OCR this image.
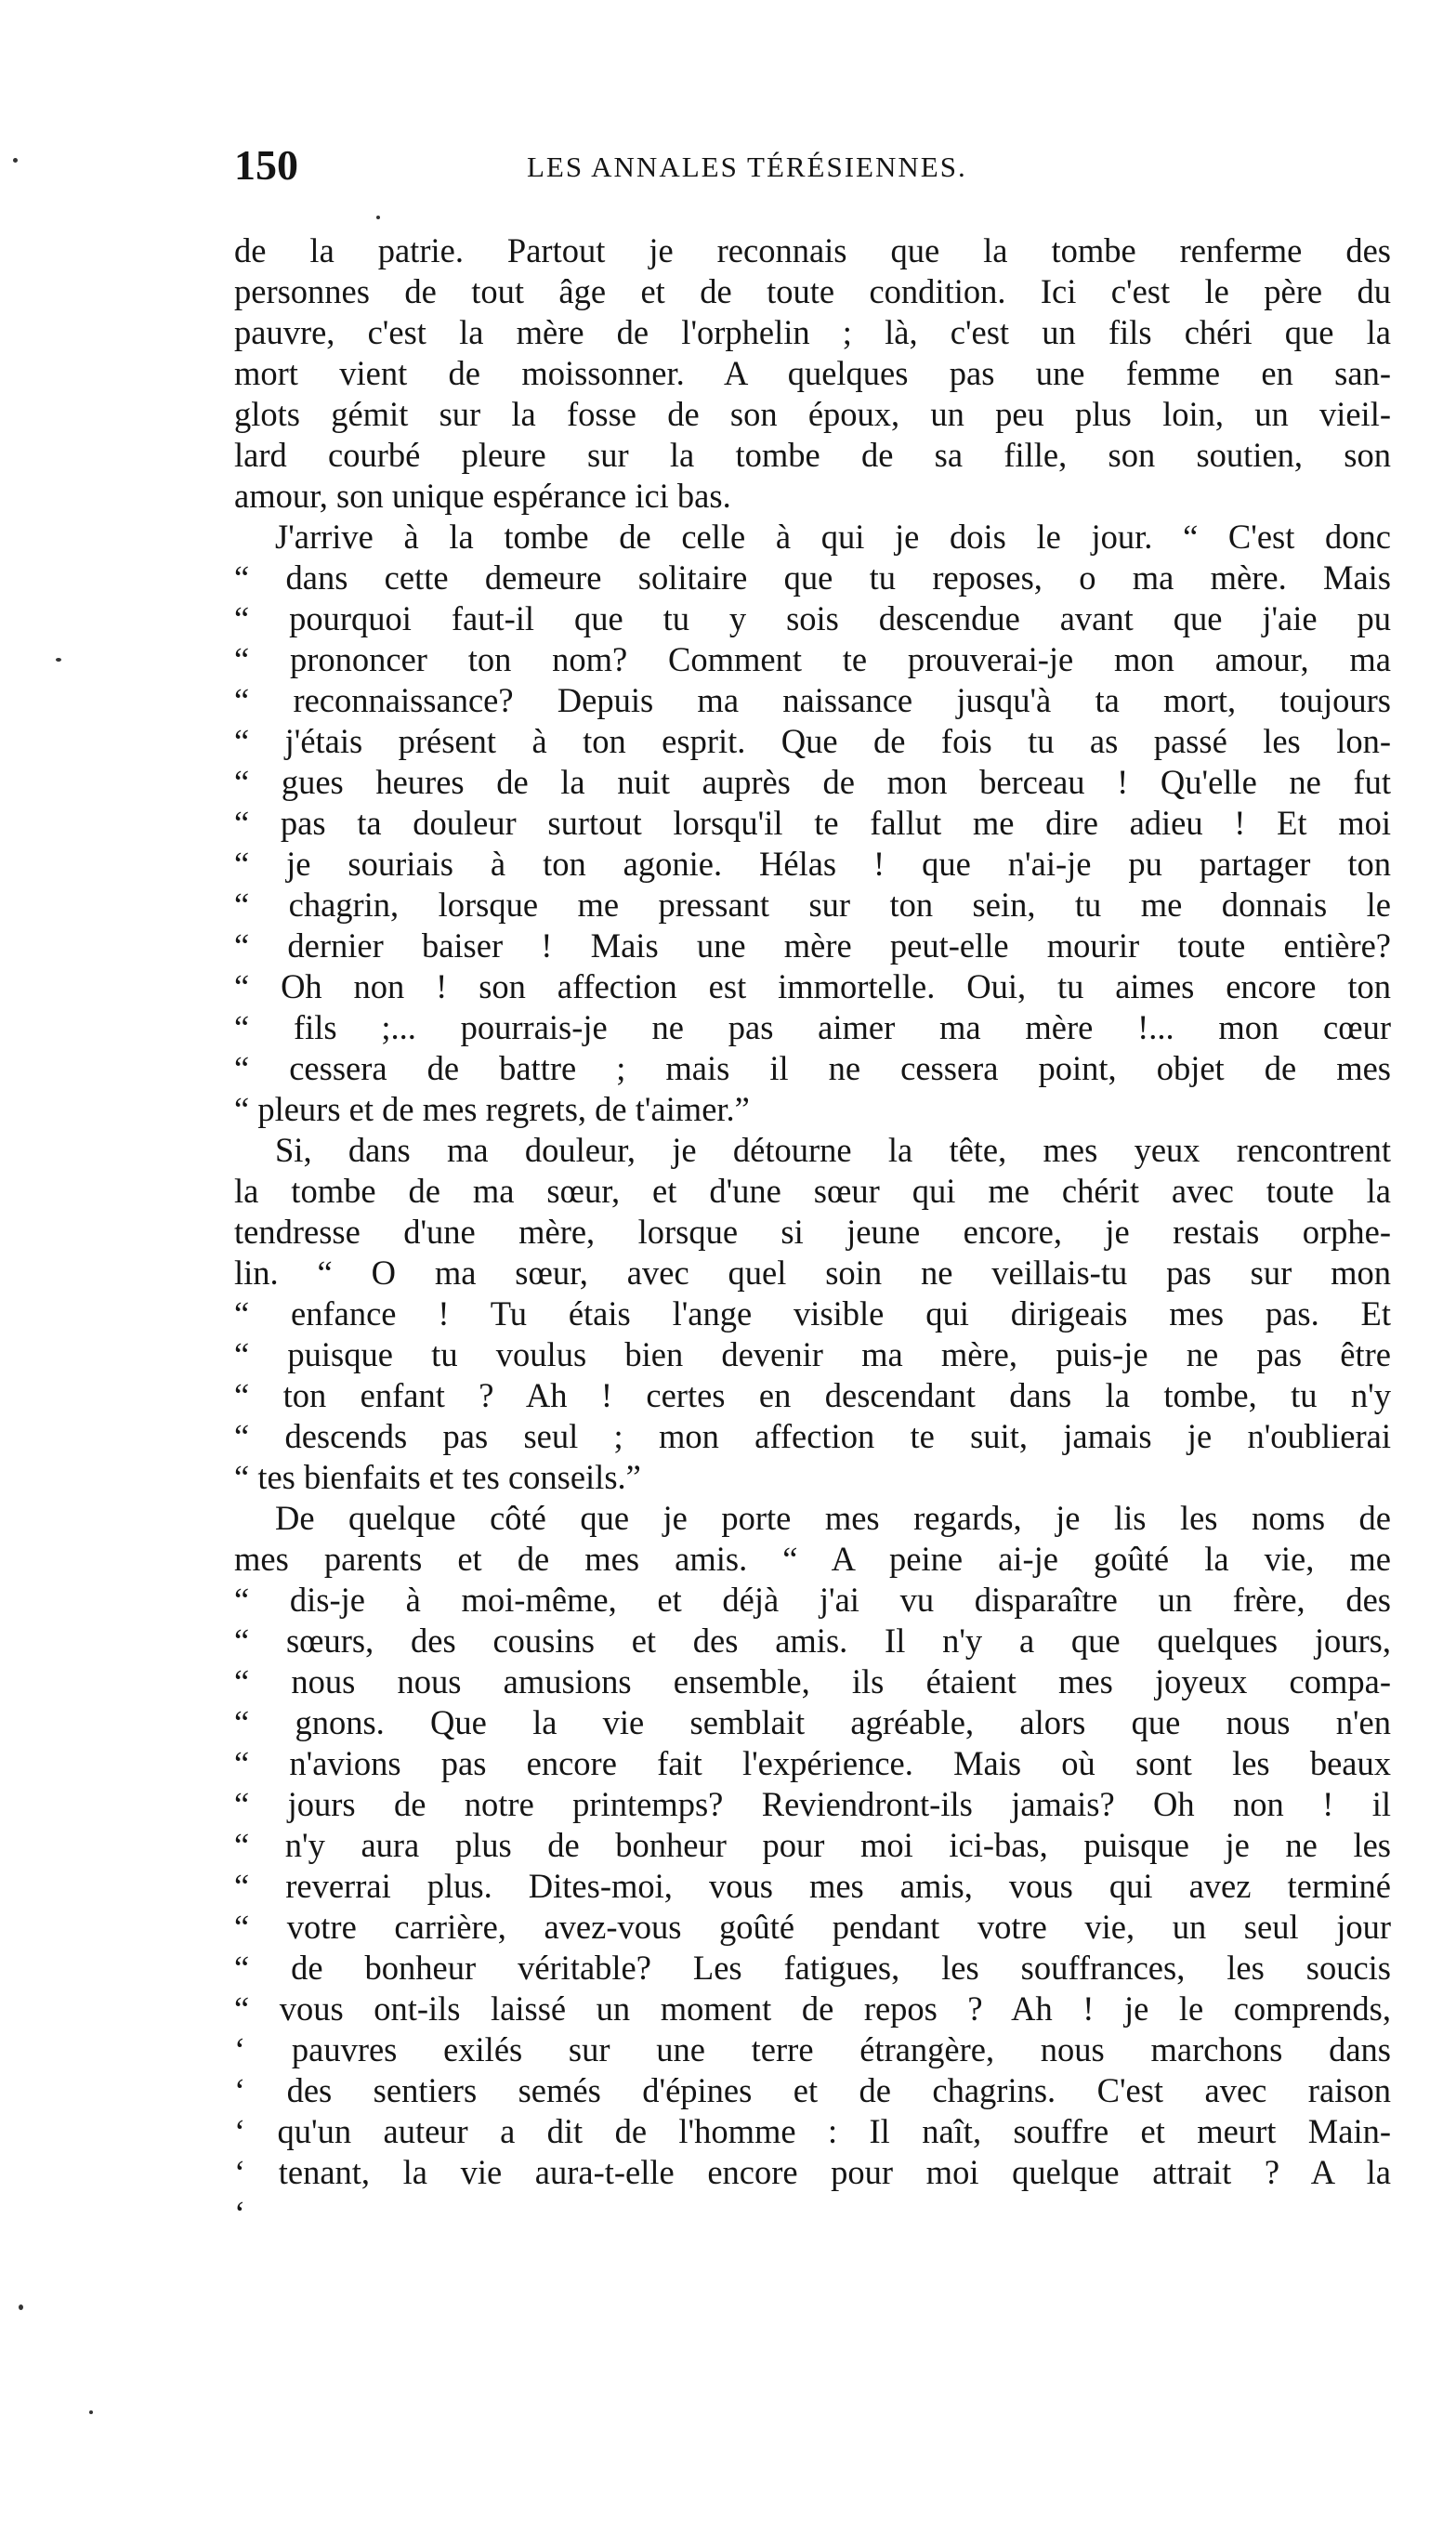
150	LES ANNALES TÉRÉSIENNES.
de la patrie. Partout je reconnais que la tombe renferme des
personnes de tout âge et de toute condition. Ici c'est le père du
pauvre, c'est la mère de l'orphelin ; là, c'est un fils chéri que la
mort vient de moissonner. A quelques pas une femme en san-
glots gémit sur la fosse de son époux, un peu plus loin, un vieil-
lard courbé pleure sur la tombe de sa fille, son soutien, son
amour, son unique espérance ici bas.
J'arrive à la tombe de celle à qui je dois le jour. “ C'est donc
“ dans cette demeure solitaire que tu reposes, o ma mère. Mais
“ pourquoi faut-il que tu y sois descendue avant que j'aie pu
“ prononcer ton nom? Comment te prouverai-je mon amour, ma
“ reconnaissance? Depuis ma naissance jusqu'à ta mort, toujours
“ j'étais présent à ton esprit. Que de fois tu as passé les lon-
“ gues heures de la nuit auprès de mon berceau ! Qu'elle ne fut
“ pas ta douleur surtout lorsqu'il te fallut me dire adieu ! Et moi
“ je souriais à ton agonie. Hélas ! que n'ai-je pu partager ton
“ chagrin, lorsque me pressant sur ton sein, tu me donnais le
“ dernier baiser ! Mais une mère peut-elle mourir toute entière?
“ Oh non ! son affection est immortelle. Oui, tu aimes encore ton
“ fils ;... pourrais-je ne pas aimer ma mère !... mon cœur
“ cessera de battre ; mais il ne cessera point, objet de mes
“ pleurs et de mes regrets, de t'aimer.”
Si, dans ma douleur, je détourne la tête, mes yeux rencontrent
la tombe de ma sœur, et d'une sœur qui me chérit avec toute la
tendresse d'une mère, lorsque si jeune encore, je restais orphe-
lin. “ O ma sœur, avec quel soin ne veillais-tu pas sur mon
“ enfance ! Tu étais l'ange visible qui dirigeais mes pas. Et
“ puisque tu voulus bien devenir ma mère, puis-je ne pas être
“ ton enfant ? Ah ! certes en descendant dans la tombe, tu n'y
“ descends pas seul ; mon affection te suit, jamais je n'oublierai
“ tes bienfaits et tes conseils.”
De quelque côté que je porte mes regards, je lis les noms de
mes parents et de mes amis. “ A peine ai-je goûté la vie, me
“ dis-je à moi-même, et déjà j'ai vu disparaître un frère, des
“ sœurs, des cousins et des amis. Il n'y a que quelques jours,
“ nous nous amusions ensemble, ils étaient mes joyeux compa-
“ gnons. Que la vie semblait agréable, alors que nous n'en
“ n'avions pas encore fait l'expérience. Mais où sont les beaux
“ jours de notre printemps? Reviendront-ils jamais? Oh non ! il
“ n'y aura plus de bonheur pour moi ici-bas, puisque je ne les
“ reverrai plus. Dites-moi, vous mes amis, vous qui avez terminé
“ votre carrière, avez-vous goûté pendant votre vie, un seul jour
“ de bonheur véritable? Les fatigues, les souffrances, les soucis
“ vous ont-ils laissé un moment de repos ? Ah ! je le comprends,
‘ pauvres exilés sur une terre étrangère, nous marchons dans
‘ des sentiers semés d'épines et de chagrins. C'est avec raison
‘ qu'un auteur a dit de l'homme : Il naît, souffre et meurt Main-
‘ tenant, la vie aura-t-elle encore pour moi quelque attrait ? A la
‘
